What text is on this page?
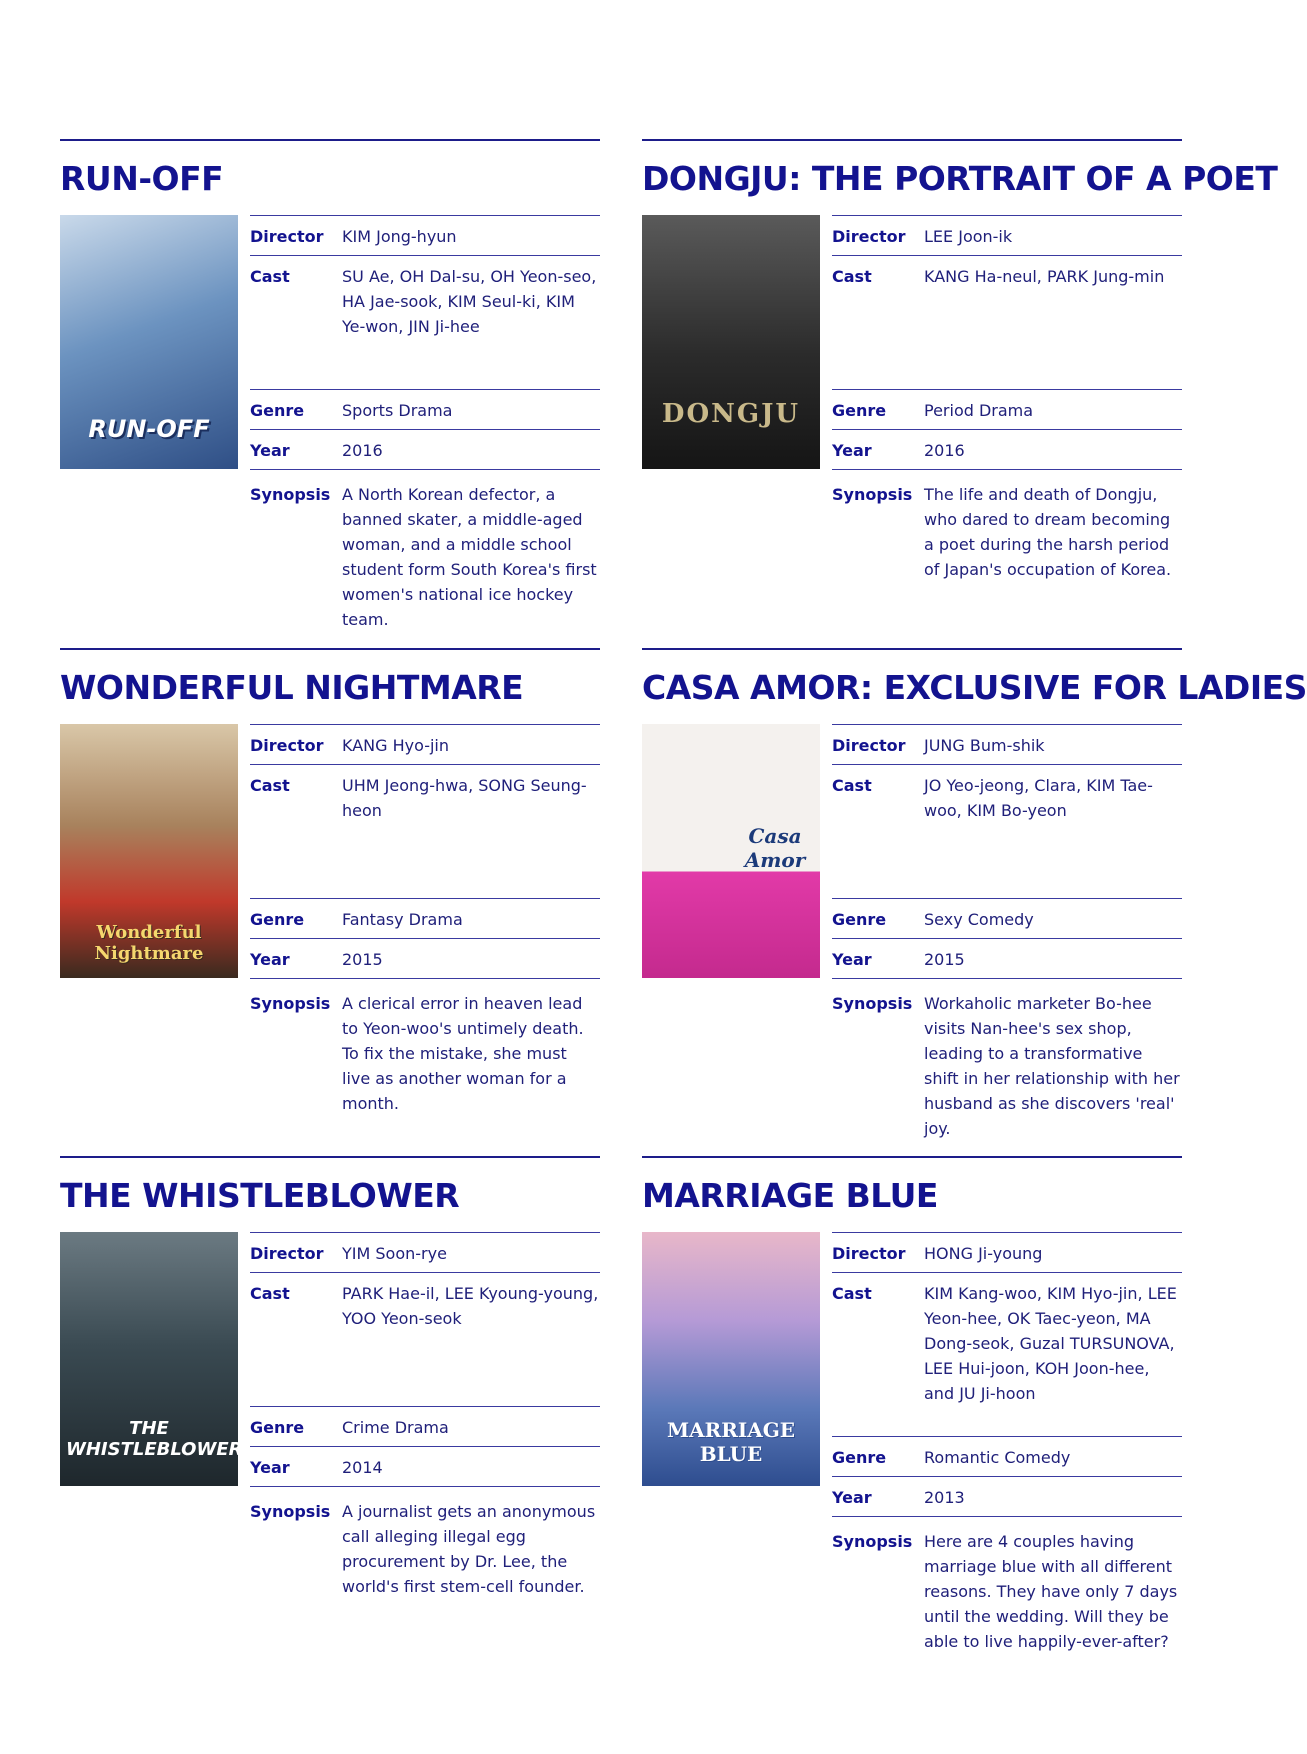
RUN-OFF
RUN-OFF
Director	KIM Jong-hyun
Cast	SU Ae, OH Dal-su, OH Yeon-seo, HA Jae-sook, KIM Seul-ki, KIM Ye-won, JIN Ji-hee
Genre	Sports Drama
Year	2016
Synopsis A North Korean defector, a banned skater, a middle-aged woman, and a middle school student form South Korea's first women's national ice hockey team.
DONGJU: THE PORTRAIT OF A POET
DONGJU
Director	LEE Joon-ik
Cast	KANG Ha-neul, PARK Jung-min
Genre	Period Drama
Year	2016
Synopsis The life and death of Dongju, who dared to dream becoming a poet during the harsh period of Japan's occupation of Korea.
WONDERFUL NIGHTMARE
Wonderful Nightmare
Director	KANG Hyo-jin
Cast	UHM Jeong-hwa, SONG Seung-heon
Genre	Fantasy Drama
Year	2015
Synopsis A clerical error in heaven lead to Yeon-woo's untimely death. To fix the mistake, she must live as another woman for a month.
CASA AMOR: EXCLUSIVE FOR LADIES
Casa Amor
Director	JUNG Bum-shik
Cast	JO Yeo-jeong, Clara, KIM Tae-woo, KIM Bo-yeon
Genre	Sexy Comedy
Year	2015
Synopsis Workaholic marketer Bo-hee visits Nan-hee's sex shop, leading to a transformative shift in her relationship with her husband as she discovers 'real' joy.
THE WHISTLEBLOWER
THE WHISTLEBLOWER
Director	YIM Soon-rye
Cast	PARK Hae-il, LEE Kyoung-young, YOO Yeon-seok
Genre	Crime Drama
Year	2014
Synopsis A journalist gets an anonymous call alleging illegal egg procurement by Dr. Lee, the world's first stem-cell founder.
MARRIAGE BLUE
MARRIAGE BLUE
Director	HONG Ji-young
Cast	KIM Kang-woo, KIM Hyo-jin, LEE Yeon-hee, OK Taec-yeon, MA Dong-seok, Guzal TURSUNOVA, LEE Hui-joon, KOH Joon-hee, and JU Ji-hoon
Genre	Romantic Comedy
Year	2013
Synopsis Here are 4 couples having marriage blue with all different reasons. They have only 7 days until the wedding. Will they be able to live happily-ever-after?
